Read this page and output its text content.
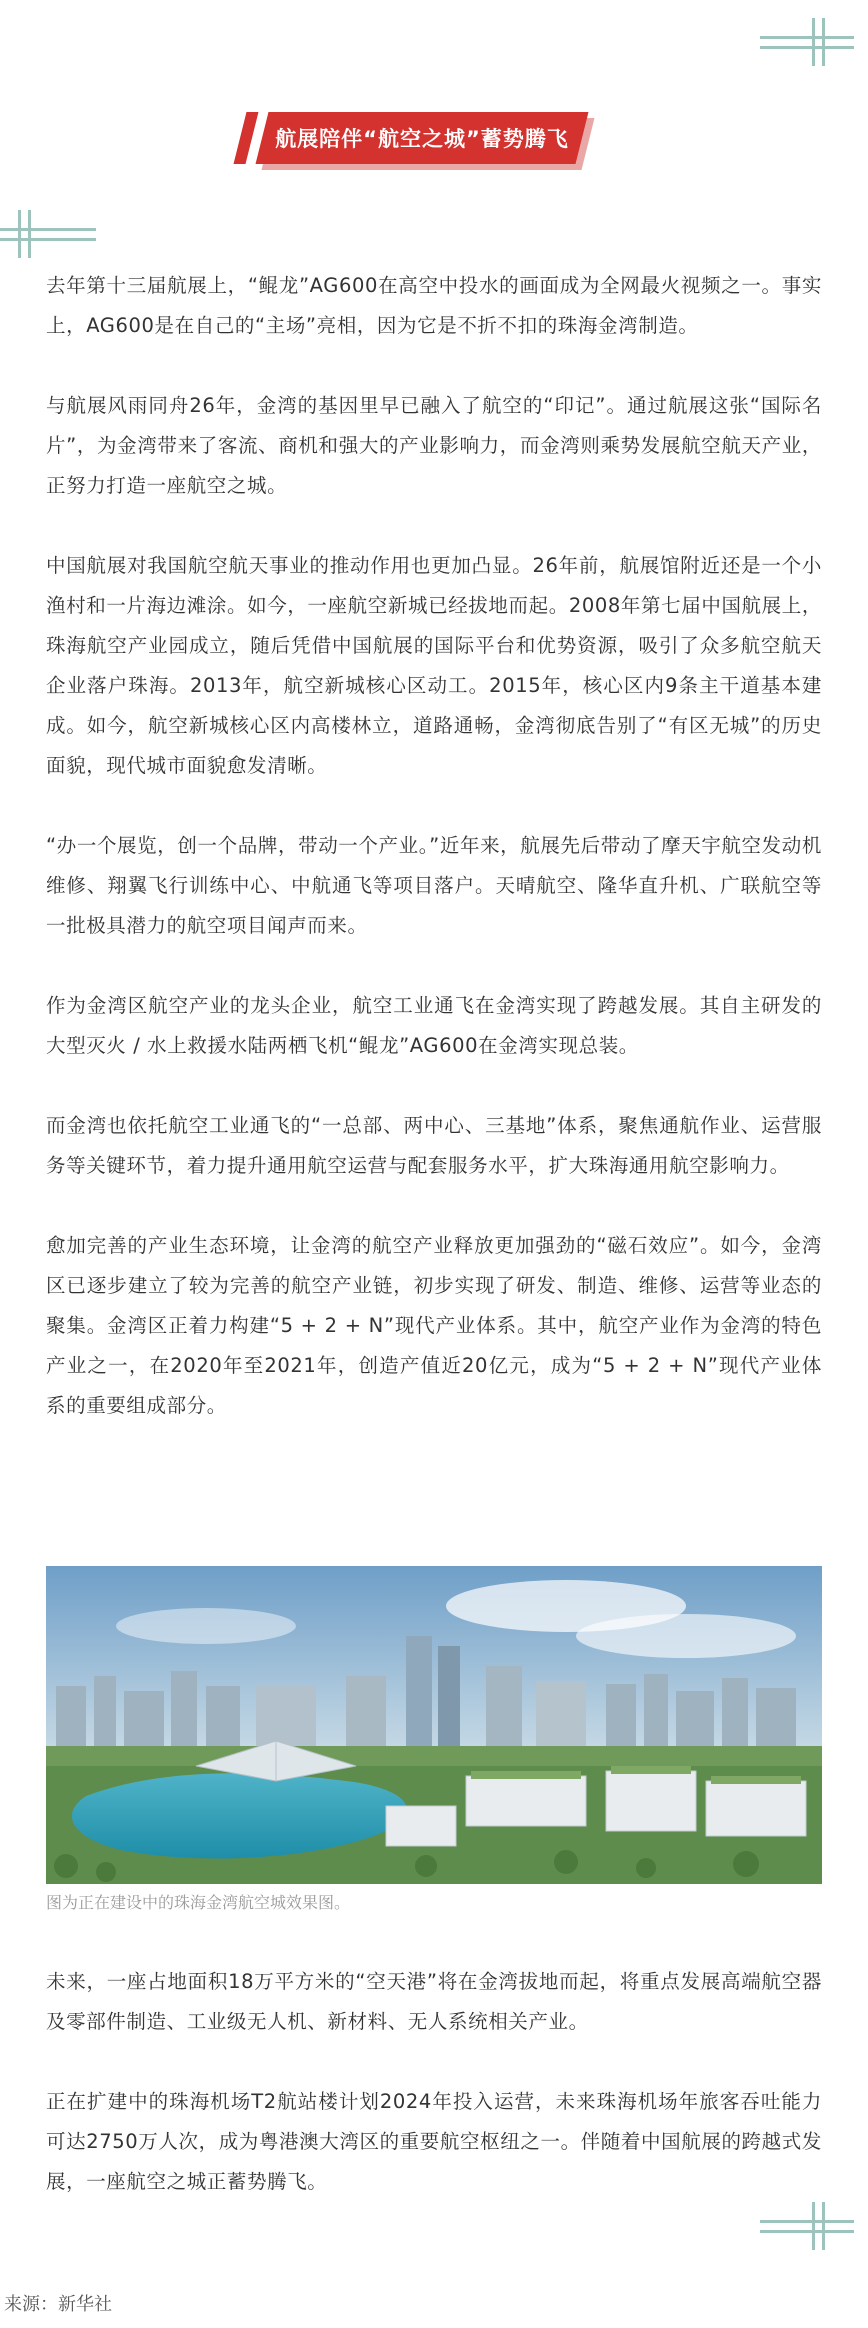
航展陪伴“航空之城”蓄势腾飞

去年第十三届航展上，“鲲龙”AG600在高空中投水的画面成为全网最火视频之一。事实上，AG600是在自己的“主场”亮相，因为它是不折不扣的珠海金湾制造。

与航展风雨同舟26年，金湾的基因里早已融入了航空的“印记”。通过航展这张“国际名片”，为金湾带来了客流、商机和强大的产业影响力，而金湾则乘势发展航空航天产业，正努力打造一座航空之城。

中国航展对我国航空航天事业的推动作用也更加凸显。26年前，航展馆附近还是一个小渔村和一片海边滩涂。如今，一座航空新城已经拔地而起。2008年第七届中国航展上，珠海航空产业园成立，随后凭借中国航展的国际平台和优势资源，吸引了众多航空航天企业落户珠海。2013年，航空新城核心区动工。2015年，核心区内9条主干道基本建成。如今，航空新城核心区内高楼林立，道路通畅，金湾彻底告别了“有区无城”的历史面貌，现代城市面貌愈发清晰。

“办一个展览，创一个品牌，带动一个产业。”近年来，航展先后带动了摩天宇航空发动机维修、翔翼飞行训练中心、中航通飞等项目落户。天晴航空、隆华直升机、广联航空等一批极具潜力的航空项目闻声而来。

作为金湾区航空产业的龙头企业，航空工业通飞在金湾实现了跨越发展。其自主研发的大型灭火 / 水上救援水陆两栖飞机“鲲龙”AG600在金湾实现总装。

而金湾也依托航空工业通飞的“一总部、两中心、三基地”体系，聚焦通航作业、运营服务等关键环节，着力提升通用航空运营与配套服务水平，扩大珠海通用航空影响力。

愈加完善的产业生态环境，让金湾的航空产业释放更加强劲的“磁石效应”。如今，金湾区已逐步建立了较为完善的航空产业链，初步实现了研发、制造、维修、运营等业态的聚集。金湾区正着力构建“5 + 2 + N”现代产业体系。其中，航空产业作为金湾的特色产业之一，在2020年至2021年，创造产值近20亿元，成为“5 + 2 + N”现代产业体系的重要组成部分。

图为正在建设中的珠海金湾航空城效果图。

未来，一座占地面积18万平方米的“空天港”将在金湾拔地而起，将重点发展高端航空器及零部件制造、工业级无人机、新材料、无人系统相关产业。

正在扩建中的珠海机场T2航站楼计划2024年投入运营，未来珠海机场年旅客吞吐能力可达2750万人次，成为粤港澳大湾区的重要航空枢纽之一。伴随着中国航展的跨越式发展，一座航空之城正蓄势腾飞。

来源：新华社
